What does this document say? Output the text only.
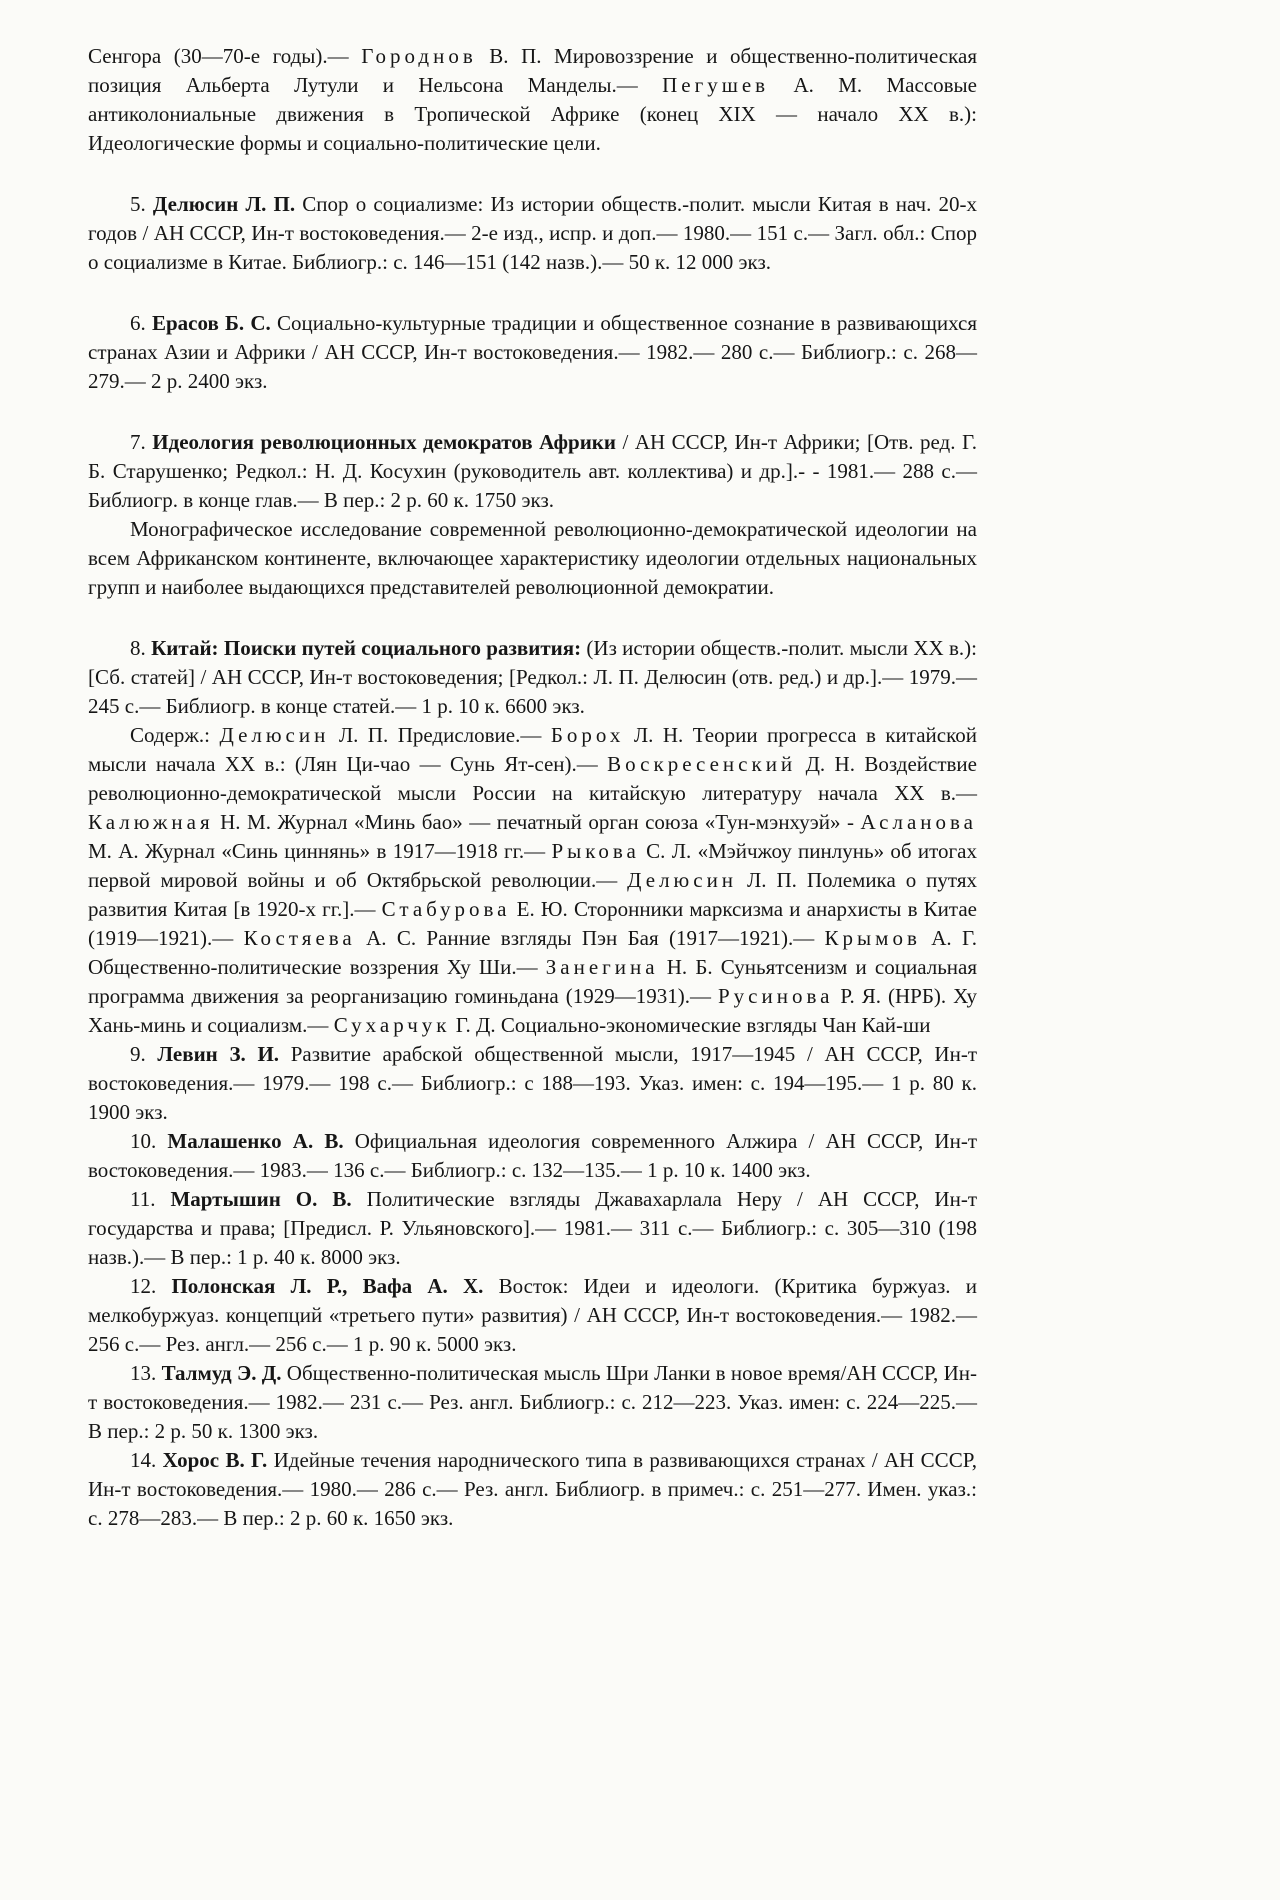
Сенгора (30—70-е годы).— Городнов В. П. Мировоззрение и общественно-политическая позиция Альберта Лутули и Нельсона Манделы.— Пегушев А. М. Массовые антиколониальные движения в Тропической Африке (конец XIX — начало XX в.): Идеологические формы и социально-политические цели.

5. Делюсин Л. П. Спор о социализме: Из истории обществ.-полит. мысли Китая в нач. 20-х годов / АН СССР, Ин-т востоковедения.— 2-е изд., испр. и доп.— 1980.— 151 с.— Загл. обл.: Спор о социализме в Китае. Библиогр.: с. 146—151 (142 назв.).— 50 к. 12 000 экз.

6. Ерасов Б. С. Социально-культурные традиции и общественное сознание в развивающихся странах Азии и Африки / АН СССР, Ин-т востоковедения.— 1982.— 280 с.— Библиогр.: с. 268—279.— 2 р. 2400 экз.

7. Идеология революционных демократов Африки / АН СССР, Ин-т Африки; [Отв. ред. Г. Б. Старушенко; Редкол.: Н. Д. Косухин (руководитель авт. коллектива) и др.].- - 1981.— 288 с.— Библиогр. в конце глав.— В пер.: 2 р. 60 к. 1750 экз.

Монографическое исследование современной революционно-демократической идеологии на всем Африканском континенте, включающее характеристику идеологии отдельных национальных групп и наиболее выдающихся представителей революционной демократии.

8. Китай: Поиски путей социального развития: (Из истории обществ.-полит. мысли XX в.): [Сб. статей] / АН СССР, Ин-т востоковедения; [Редкол.: Л. П. Делюсин (отв. ред.) и др.].— 1979.— 245 с.— Библиогр. в конце статей.— 1 р. 10 к. 6600 экз.

Содерж.: Делюсин Л. П. Предисловие.— Борох Л. Н. Теории прогресса в китайской мысли начала XX в.: (Лян Ци-чао — Сунь Ят-сен).— Воскресенский Д. Н. Воздействие революционно-демократической мысли России на китайскую литературу начала XX в.— Калюжная Н. М. Журнал «Минь бао» — печатный орган союза «Тун-мэнхуэй» - Асланова М. А. Журнал «Синь циннянь» в 1917—1918 гг.— Рыкова С. Л. «Мэйчжоу пинлунь» об итогах первой мировой войны и об Октябрьской революции.— Делюсин Л. П. Полемика о путях развития Китая [в 1920-х гг.].— Стабурова Е. Ю. Сторонники марксизма и анархисты в Китае (1919—1921).— Костяева А. С. Ранние взгляды Пэн Бая (1917—1921).— Крымов А. Г. Общественно-политические воззрения Ху Ши.— Занегина Н. Б. Суньятсенизм и социальная программа движения за реорганизацию гоминьдана (1929—1931).— Русинова Р. Я. (НРБ). Ху Хань-минь и социализм.— Сухарчук Г. Д. Социально-экономические взгляды Чан Кай-ши

9. Левин З. И. Развитие арабской общественной мысли, 1917—1945 / АН СССР, Ин-т востоковедения.— 1979.— 198 с.— Библиогр.: с 188—193. Указ. имен: с. 194—195.— 1 р. 80 к. 1900 экз.

10. Малашенко А. В. Официальная идеология современного Алжира / АН СССР, Ин-т востоковедения.— 1983.— 136 с.— Библиогр.: с. 132—135.— 1 р. 10 к. 1400 экз.

11. Мартышин О. В. Политические взгляды Джавахарлала Неру / АН СССР, Ин-т государства и права; [Предисл. Р. Ульяновского].— 1981.— 311 с.— Библиогр.: с. 305—310 (198 назв.).— В пер.: 1 р. 40 к. 8000 экз.

12. Полонская Л. Р., Вафа А. Х. Восток: Идеи и идеологи. (Критика буржуаз. и мелкобуржуаз. концепций «третьего пути» развития) / АН СССР, Ин-т востоковедения.— 1982.—256 с.— Рез. англ.— 256 с.— 1 р. 90 к. 5000 экз.

13. Талмуд Э. Д. Общественно-политическая мысль Шри Ланки в новое время/АН СССР, Ин-т востоковедения.— 1982.— 231 с.— Рез. англ. Библиогр.: с. 212—223. Указ. имен: с. 224—225.— В пер.: 2 р. 50 к. 1300 экз.

14. Хорос В. Г. Идейные течения народнического типа в развивающихся странах / АН СССР, Ин-т востоковедения.— 1980.— 286 с.— Рез. англ. Библиогр. в примеч.: с. 251—277. Имен. указ.: с. 278—283.— В пер.: 2 р. 60 к. 1650 экз.
